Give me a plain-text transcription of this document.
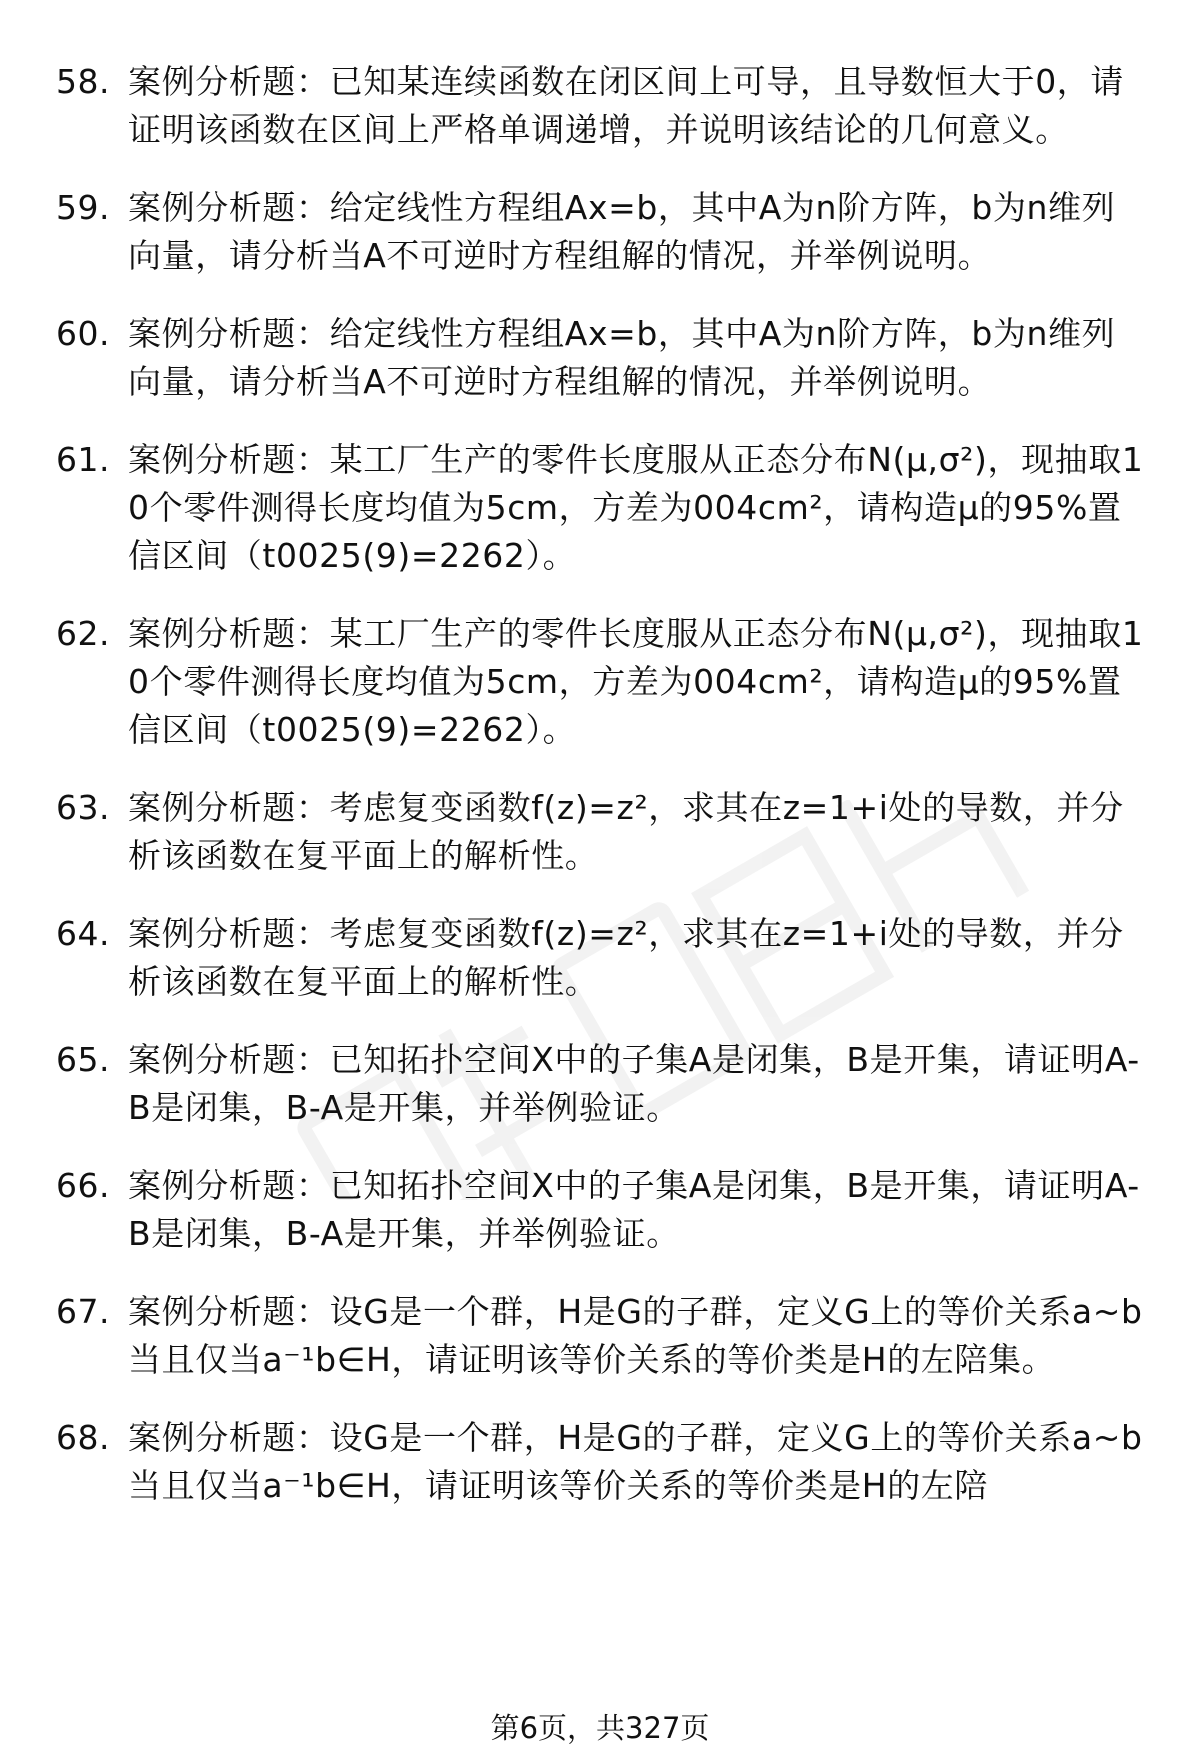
58. 案例分析题：已知某连续函数在闭区间上可导，且导数恒大于0，请证明该函数在区间上严格单调递增，并说明该结论的几何意义。
59. 案例分析题：给定线性方程组Ax=b，其中A为n阶方阵，b为n维列向量，请分析当A不可逆时方程组解的情况，并举例说明。
60. 案例分析题：给定线性方程组Ax=b，其中A为n阶方阵，b为n维列向量，请分析当A不可逆时方程组解的情况，并举例说明。
61. 案例分析题：某工厂生产的零件长度服从正态分布N(μ,σ²)，现抽取10个零件测得长度均值为5cm，方差为004cm²，请构造μ的95%置信区间（t0025(9)=2262）。
62. 案例分析题：某工厂生产的零件长度服从正态分布N(μ,σ²)，现抽取10个零件测得长度均值为5cm，方差为004cm²，请构造μ的95%置信区间（t0025(9)=2262）。
63. 案例分析题：考虑复变函数f(z)=z²，求其在z=1+i处的导数，并分析该函数在复平面上的解析性。
64. 案例分析题：考虑复变函数f(z)=z²，求其在z=1+i处的导数，并分析该函数在复平面上的解析性。
65. 案例分析题：已知拓扑空间X中的子集A是闭集，B是开集，请证明A-B是闭集，B-A是开集，并举例验证。
66. 案例分析题：已知拓扑空间X中的子集A是闭集，B是开集，请证明A-B是闭集，B-A是开集，并举例验证。
67. 案例分析题：设G是一个群，H是G的子群，定义G上的等价关系a~b当且仅当a⁻¹b∈H，请证明该等价关系的等价类是H的左陪集。
68. 案例分析题：设G是一个群，H是G的子群，定义G上的等价关系a~b当且仅当a⁻¹b∈H，请证明该等价关系的等价类是H的左陪
第6页，共327页
